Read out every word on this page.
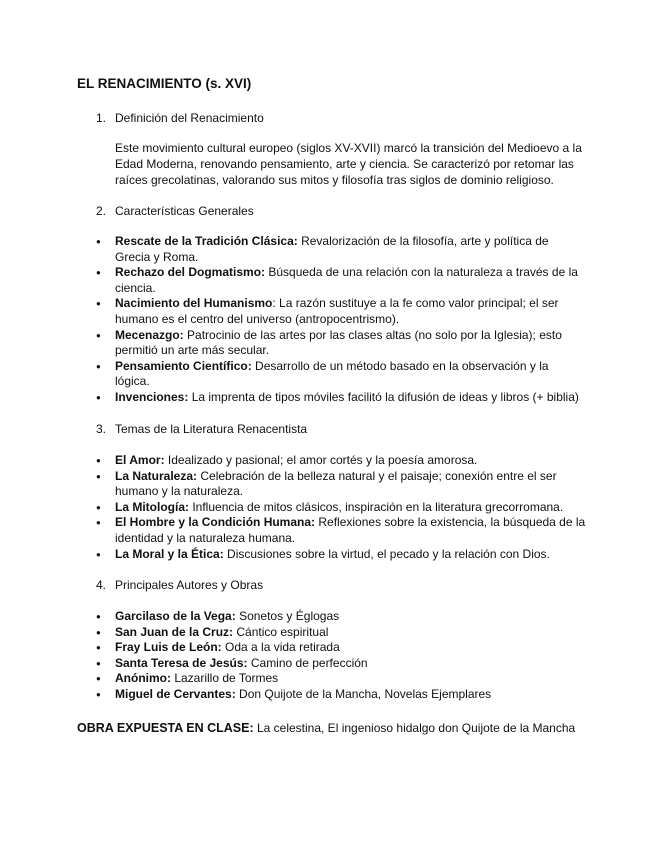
EL RENACIMIENTO (s. XVI)
1. Definición del Renacimiento

Este movimiento cultural europeo (siglos XV-XVII) marcó la transición del Medioevo a la Edad Moderna, renovando pensamiento, arte y ciencia. Se caracterizó por retomar las raíces grecolatinas, valorando sus mitos y filosofía tras siglos de dominio religioso.

2. Características Generales
● Rescate de la Tradición Clásica: Revalorización de la filosofía, arte y política de Grecia y Roma.
● Rechazo del Dogmatismo: Búsqueda de una relación con la naturaleza a través de la ciencia.
● Nacimiento del Humanismo: La razón sustituye a la fe como valor principal; el ser humano es el centro del universo (antropocentrismo).
● Mecenazgo: Patrocinio de las artes por las clases altas (no solo por la Iglesia); esto permitió un arte más secular.
● Pensamiento Científico: Desarrollo de un método basado en la observación y la lógica.
● Invenciones: La imprenta de tipos móviles facilitó la difusión de ideas y libros (+ biblia)
3. Temas de la Literatura Renacentista
● El Amor: Idealizado y pasional; el amor cortés y la poesía amorosa.
● La Naturaleza: Celebración de la belleza natural y el paisaje; conexión entre el ser humano y la naturaleza.
● La Mitología: Influencia de mitos clásicos, inspiración en la literatura grecorromana.
● El Hombre y la Condición Humana: Reflexiones sobre la existencia, la búsqueda de la identidad y la naturaleza humana.
● La Moral y la Ética: Discusiones sobre la virtud, el pecado y la relación con Dios.
4. Principales Autores y Obras
● Garcilaso de la Vega: Sonetos y Églogas
● San Juan de la Cruz: Cántico espiritual
● Fray Luis de León: Oda a la vida retirada
● Santa Teresa de Jesús: Camino de perfección
● Anónimo: Lazarillo de Tormes
● Miguel de Cervantes: Don Quijote de la Mancha, Novelas Ejemplares
OBRA EXPUESTA EN CLASE: La celestina, El ingenioso hidalgo don Quijote de la Mancha
